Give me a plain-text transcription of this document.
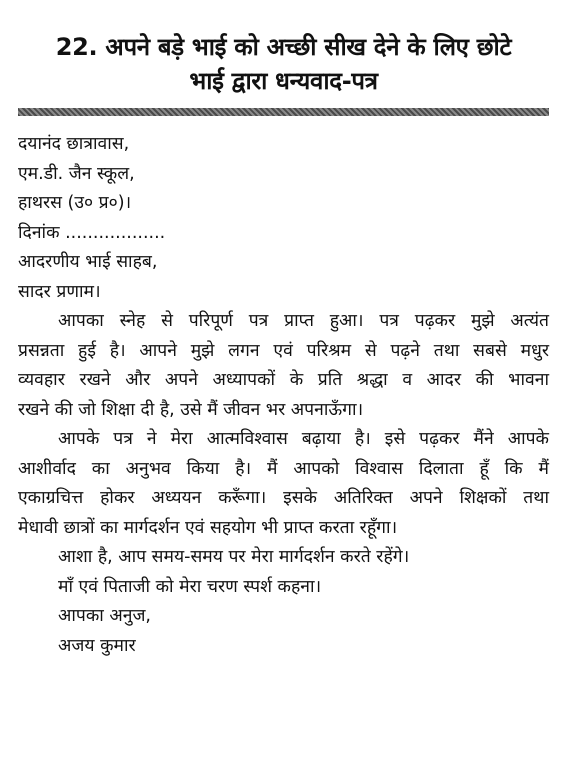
22. अपने बड़े भाई को अच्छी सीख देने के लिए छोटे
भाई द्वारा धन्यवाद-पत्र
दयानंद छात्रावास,
एम.डी. जैन स्कूल,
हाथरस (उ० प्र०)।
दिनांक ..................
आदरणीय भाई साहब,
सादर प्रणाम।
आपका स्नेह से परिपूर्ण पत्र प्राप्त हुआ। पत्र पढ़कर मुझे अत्यंत
प्रसन्नता हुई है। आपने मुझे लगन एवं परिश्रम से पढ़ने तथा सबसे मधुर
व्यवहार रखने और अपने अध्यापकों के प्रति श्रद्धा व आदर की भावना
रखने की जो शिक्षा दी है, उसे मैं जीवन भर अपनाऊँगा।
आपके पत्र ने मेरा आत्मविश्वास बढ़ाया है। इसे पढ़कर मैंने आपके
आशीर्वाद का अनुभव किया है। मैं आपको विश्वास दिलाता हूँ कि मैं
एकाग्रचित्त होकर अध्ययन करूँगा। इसके अतिरिक्त अपने शिक्षकों तथा
मेधावी छात्रों का मार्गदर्शन एवं सहयोग भी प्राप्त करता रहूँगा।
आशा है, आप समय-समय पर मेरा मार्गदर्शन करते रहेंगे।
माँ एवं पिताजी को मेरा चरण स्पर्श कहना।
आपका अनुज,
अजय कुमार
